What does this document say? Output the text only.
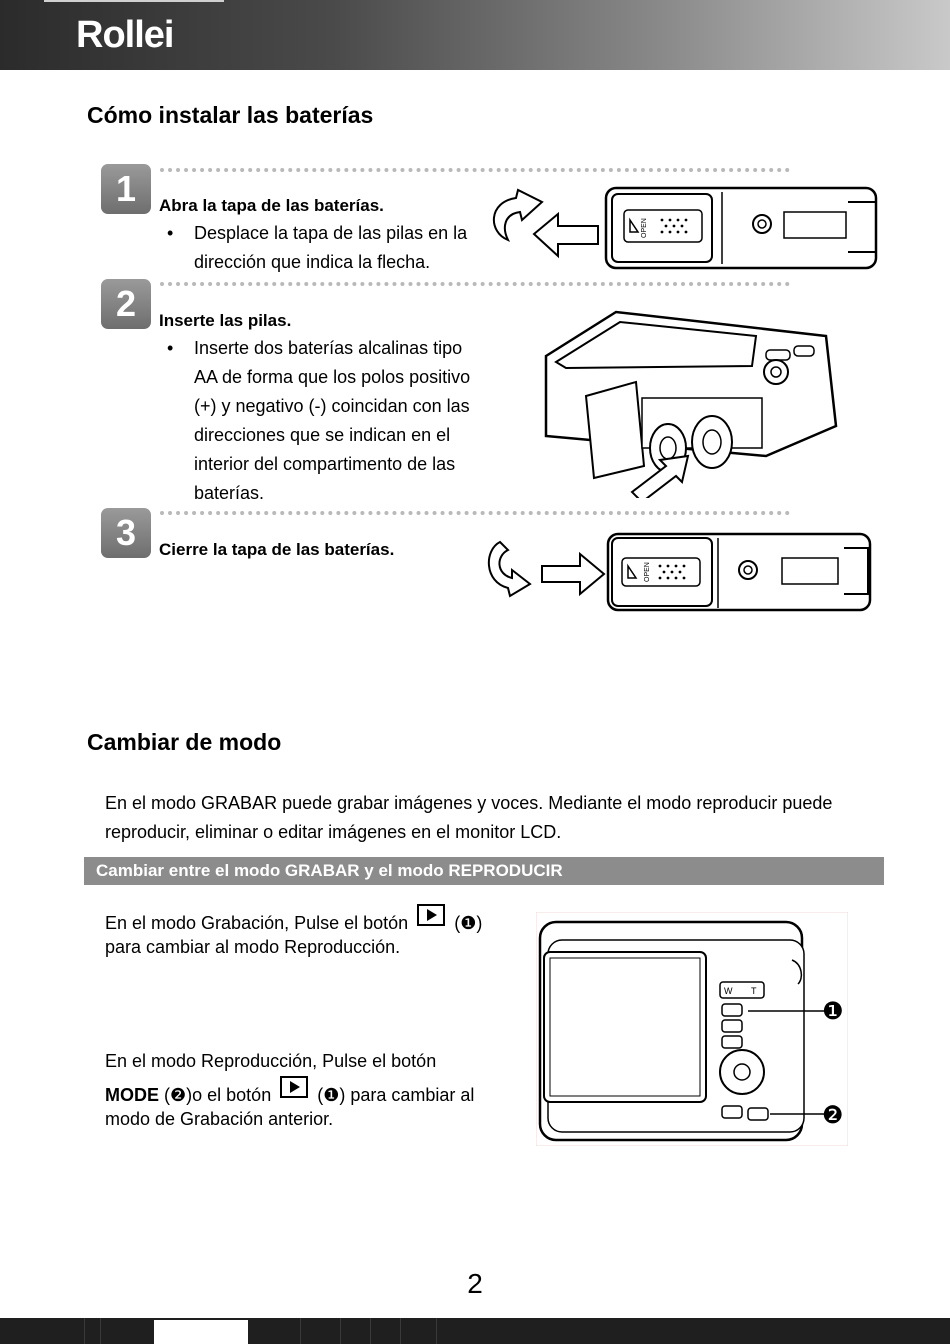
Rollei
Cómo instalar las baterías
1	Abra la tapa de las baterías.
• Desplace la tapa de las pilas en la
dirección que indica la flecha.
OPEN
2	Inserte las pilas.
• Inserte dos baterías alcalinas tipo
AA de forma que los polos positivo
(+) y negativo (-) coincidan con las
direcciones que se indican en el
interior del compartimento de las
baterías.
3	Cierre la tapa de las baterías.
OPEN
Cambiar de modo
En el modo GRABAR puede grabar imágenes y voces. Mediante el modo reproducir puede
reproducir, eliminar o editar imágenes en el monitor LCD.
Cambiar entre el modo GRABAR y el modo REPRODUCIR
En el modo Grabación, Pulse el botón	(❶)
para cambiar al modo Reproducción.
En el modo Reproducción, Pulse el botón
MODE (❷)o el botón	(❶) para cambiar al
modo de Grabación anterior.
W T
❶
❷
2
